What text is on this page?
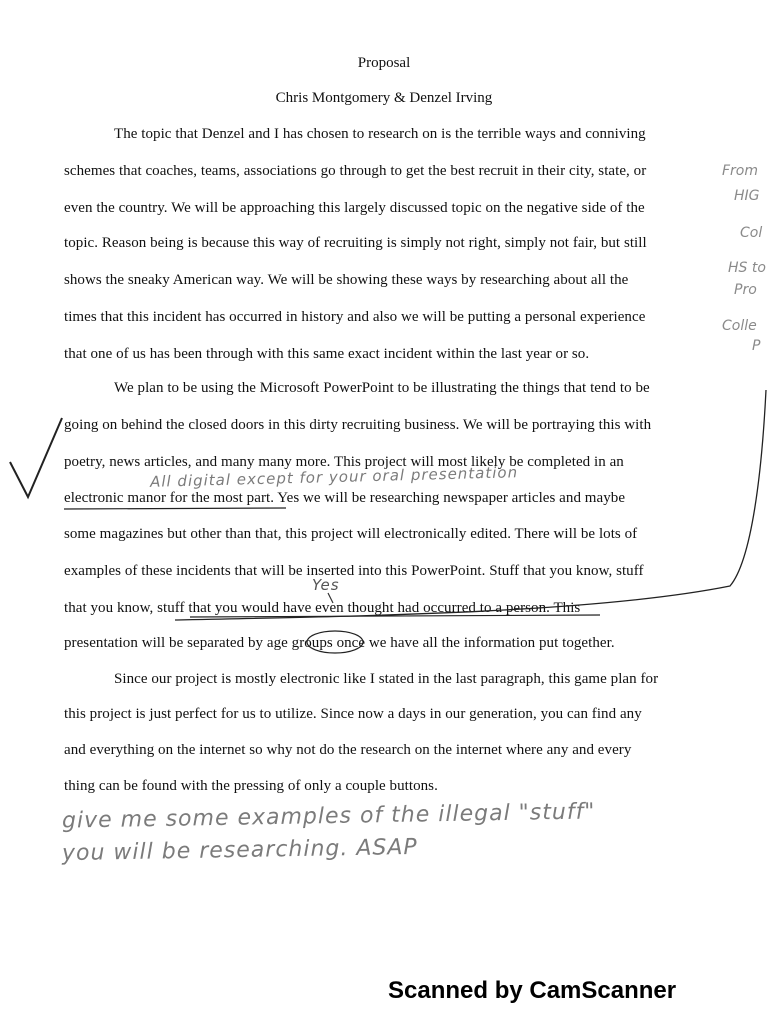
Proposal
Chris Montgomery & Denzel Irving
The topic that Denzel and I has chosen to research on is the terrible ways and conniving
schemes that coaches, teams, associations go through to get the best recruit in their city, state, or
even the country. We will be approaching this largely discussed topic on the negative side of the
topic. Reason being is because this way of recruiting is simply not right, simply not fair, but still
shows the sneaky American way. We will be showing these ways by researching about all the
times that this incident has occurred in history and also we will be putting a personal experience
that one of us has been through with this same exact incident within the last year or so.
We plan to be using the Microsoft PowerPoint to be illustrating the things that tend to be
going on behind the closed doors in this dirty recruiting business. We will be portraying this with
poetry, news articles, and many many more. This project will most likely be completed in an
electronic manor for the most part. Yes we will be researching newspaper articles and maybe
some magazines but other than that, this project will electronically edited. There will be lots of
examples of these incidents that will be inserted into this PowerPoint. Stuff that you know, stuff
that you know, stuff that you would have even thought had occurred to a person. This
presentation will be separated by age groups once we have all the information put together.
Since our project is mostly electronic like I stated in the last paragraph, this game plan for
this project is just perfect for us to utilize. Since now a days in our generation, you can find any
and everything on the internet so why not do the research on the internet where any and every
thing can be found with the pressing of only a couple buttons.
All digital except for your oral presentation
Yes
give me some examples of the illegal "stuff"
you will be researching. ASAP
From
HIG
Col
HS to
Pro
Colle
P
Scanned by CamScanner
